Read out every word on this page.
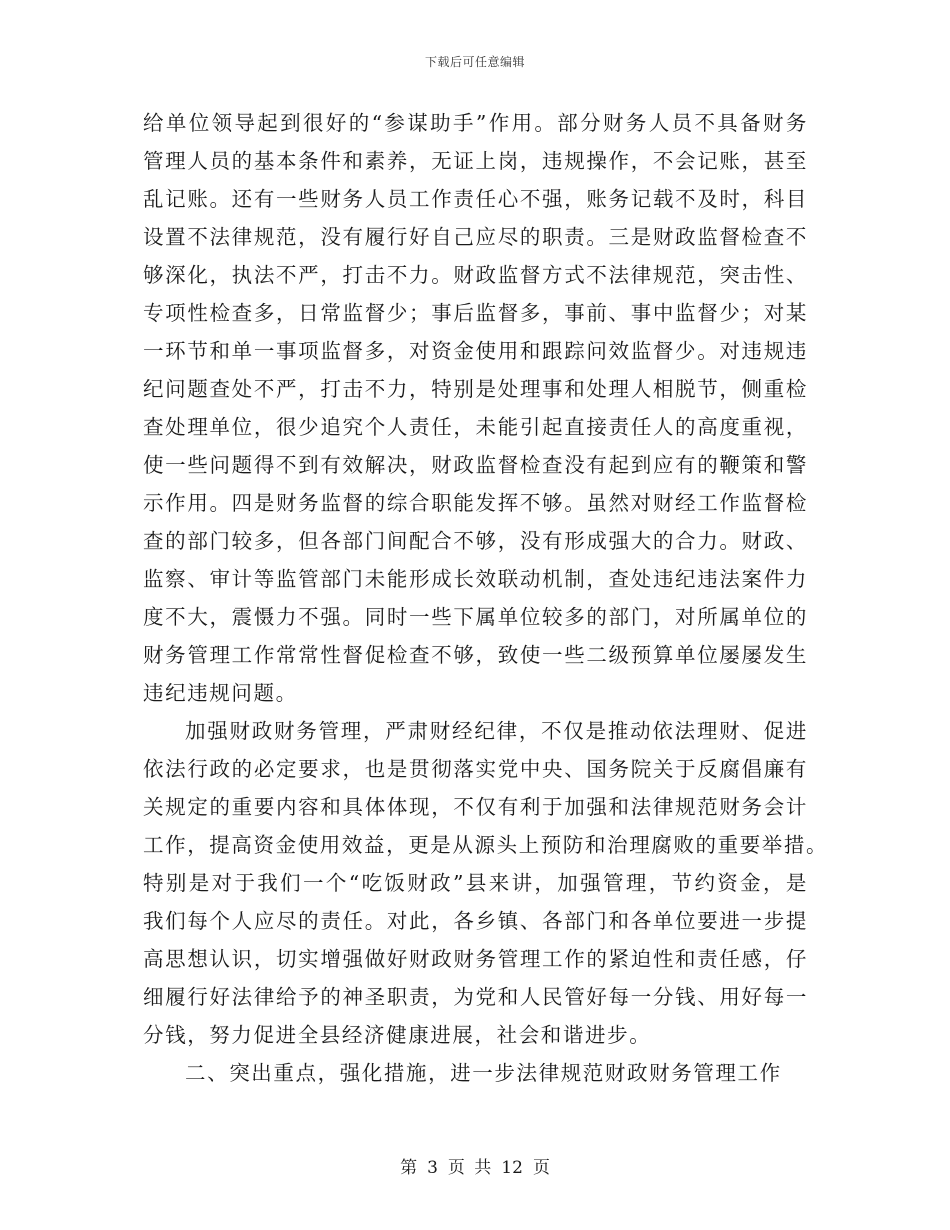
下载后可任意编辑
给单位领导起到很好的“参谋助手”作用。部分财务人员不具备财务
管理人员的基本条件和素养，无证上岗，违规操作，不会记账，甚至
乱记账。还有一些财务人员工作责任心不强，账务记载不及时，科目
设置不法律规范，没有履行好自己应尽的职责。三是财政监督检查不
够深化，执法不严，打击不力。财政监督方式不法律规范，突击性、
专项性检查多，日常监督少；事后监督多，事前、事中监督少；对某
一环节和单一事项监督多，对资金使用和跟踪问效监督少。对违规违
纪问题查处不严，打击不力，特别是处理事和处理人相脱节，侧重检
查处理单位，很少追究个人责任，未能引起直接责任人的高度重视，
使一些问题得不到有效解决，财政监督检查没有起到应有的鞭策和警
示作用。四是财务监督的综合职能发挥不够。虽然对财经工作监督检
查的部门较多，但各部门间配合不够，没有形成强大的合力。财政、
监察、审计等监管部门未能形成长效联动机制，查处违纪违法案件力
度不大，震慑力不强。同时一些下属单位较多的部门，对所属单位的
财务管理工作常常性督促检查不够，致使一些二级预算单位屡屡发生
违纪违规问题。
加强财政财务管理，严肃财经纪律，不仅是推动依法理财、促进
依法行政的必定要求，也是贯彻落实党中央、国务院关于反腐倡廉有
关规定的重要内容和具体体现，不仅有利于加强和法律规范财务会计
工作，提高资金使用效益，更是从源头上预防和治理腐败的重要举措。
特别是对于我们一个“吃饭财政”县来讲，加强管理，节约资金，是
我们每个人应尽的责任。对此，各乡镇、各部门和各单位要进一步提
高思想认识，切实增强做好财政财务管理工作的紧迫性和责任感，仔
细履行好法律给予的神圣职责，为党和人民管好每一分钱、用好每一
分钱，努力促进全县经济健康进展，社会和谐进步。
二、突出重点，强化措施，进一步法律规范财政财务管理工作
第 3 页 共 12 页
